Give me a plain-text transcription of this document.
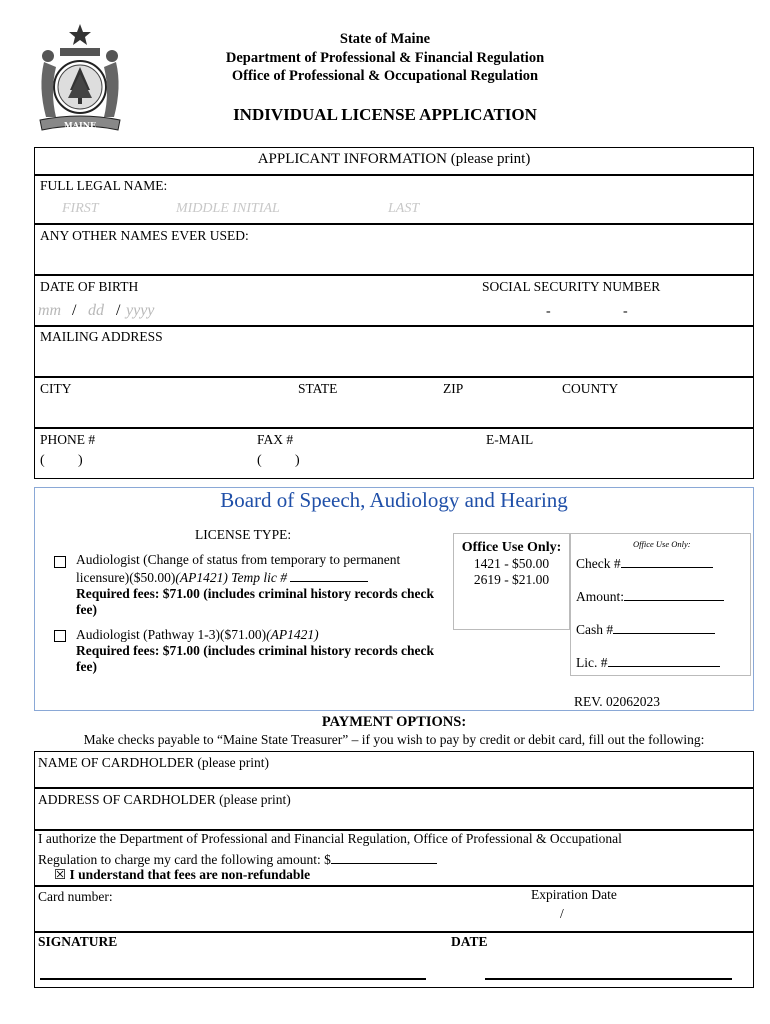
MAINE
State of Maine
Department of Professional & Financial Regulation
Office of Professional & Occupational Regulation
INDIVIDUAL LICENSE APPLICATION
APPLICANT INFORMATION (please print)
FULL LEGAL NAME:
FIRST	MIDDLE INITIAL	LAST
ANY OTHER NAMES EVER USED:
DATE OF BIRTH	SOCIAL SECURITY NUMBER
mm / dd / yyyy	-	-
MAILING ADDRESS
CITY	STATE	ZIP	COUNTY
PHONE #	FAX #	E-MAIL
( )	( )
Board of Speech, Audiology and Hearing
LICENSE TYPE:
Audiologist (Change of status from temporary to permanent licensure)($50.00)(AP1421) Temp lic #
Required fees: $71.00 (includes criminal history records check fee)
Audiologist (Pathway 1-3)($71.00)(AP1421)
Required fees: $71.00 (includes criminal history records check fee)
Office Use Only:
1421 - $50.00
2619 - $21.00
Office Use Only:
Check #
Amount:
Cash #
Lic. #
REV. 02062023
PAYMENT OPTIONS:
Make checks payable to “Maine State Treasurer” – if you wish to pay by credit or debit card, fill out the following:
NAME OF CARDHOLDER (please print)
ADDRESS OF CARDHOLDER (please print)
I authorize the Department of Professional and Financial Regulation, Office of Professional & Occupational
Regulation to charge my card the following amount: $
☒ I understand that fees are non-refundable
Card number:	Expiration Date
/
SIGNATURE	DATE
